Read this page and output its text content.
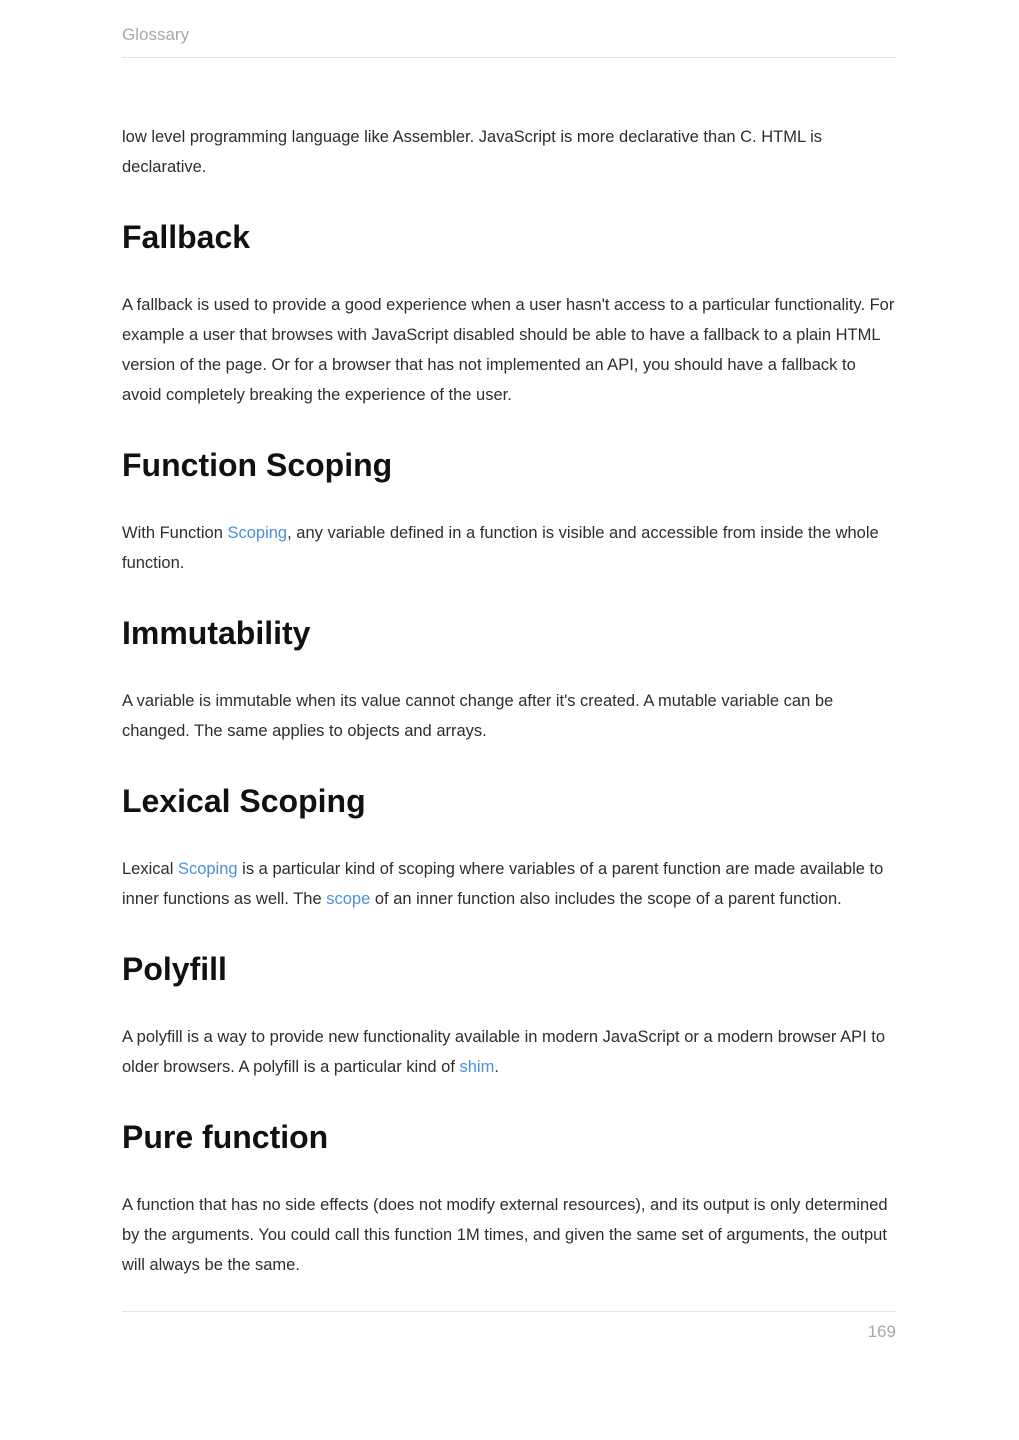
Glossary

low level programming language like Assembler. JavaScript is more declarative than C. HTML is declarative.

Fallback

A fallback is used to provide a good experience when a user hasn't access to a particular functionality. For example a user that browses with JavaScript disabled should be able to have a fallback to a plain HTML version of the page. Or for a browser that has not implemented an API, you should have a fallback to avoid completely breaking the experience of the user.

Function Scoping

With Function Scoping, any variable defined in a function is visible and accessible from inside the whole function.

Immutability

A variable is immutable when its value cannot change after it's created. A mutable variable can be changed. The same applies to objects and arrays.

Lexical Scoping

Lexical Scoping is a particular kind of scoping where variables of a parent function are made available to inner functions as well. The scope of an inner function also includes the scope of a parent function.

Polyfill

A polyfill is a way to provide new functionality available in modern JavaScript or a modern browser API to older browsers. A polyfill is a particular kind of shim.

Pure function

A function that has no side effects (does not modify external resources), and its output is only determined by the arguments. You could call this function 1M times, and given the same set of arguments, the output will always be the same.

169
